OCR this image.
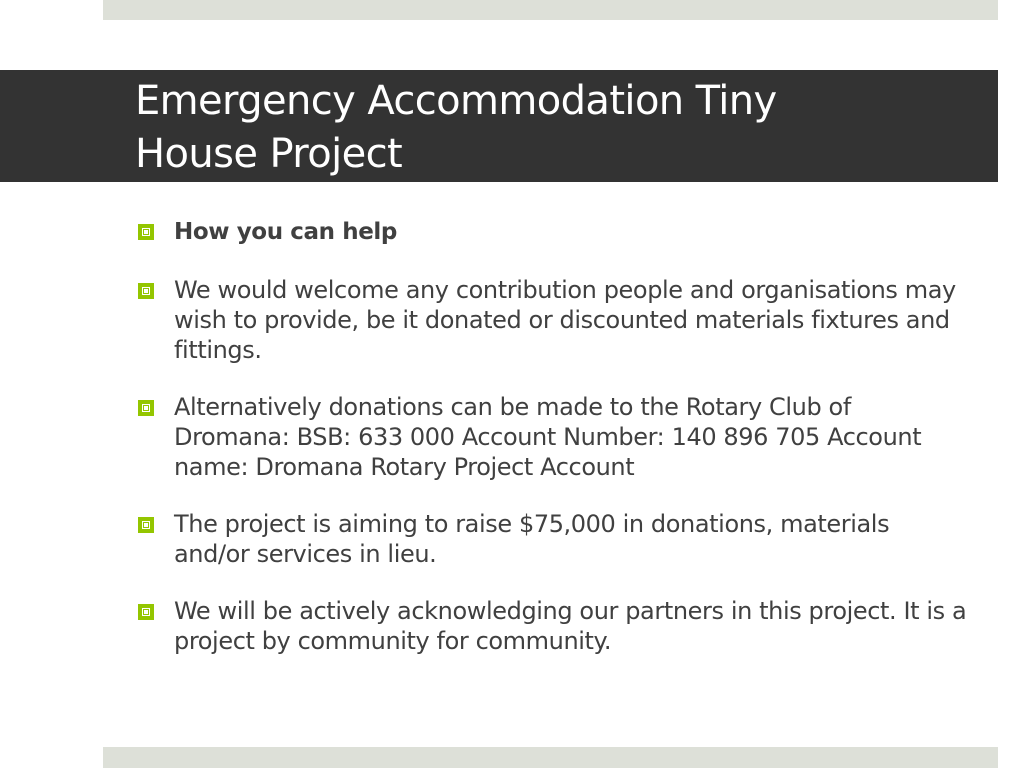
Emergency Accommodation Tiny
House Project
How you can help
We would welcome any contribution people and organisations may wish to provide, be it donated or discounted materials fixtures and fittings.
Alternatively donations can be made to the Rotary Club of Dromana: BSB: 633 000 Account Number: 140 896 705 Account name: Dromana Rotary Project Account
The project is aiming to raise $75,000 in donations, materials and/or services in lieu.
We will be actively acknowledging our partners in this project. It is a project by community for community.
